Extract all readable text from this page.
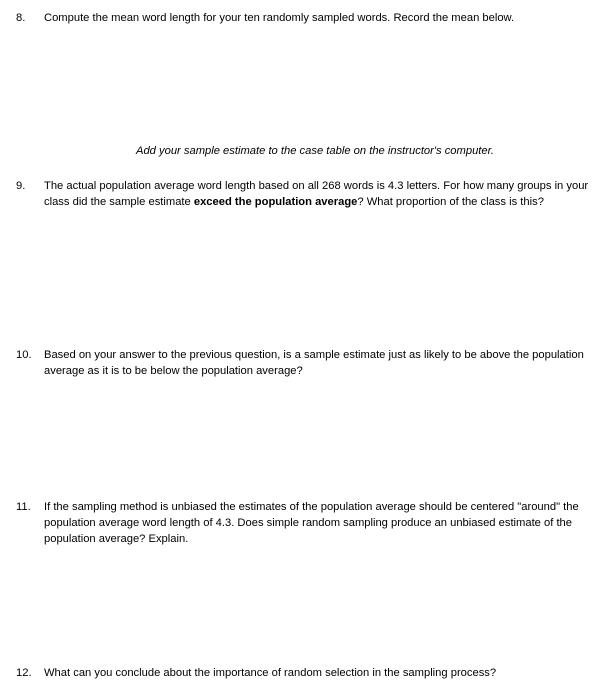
8. Compute the mean word length for your ten randomly sampled words. Record the mean below.
Add your sample estimate to the case table on the instructor's computer.
9. The actual population average word length based on all 268 words is 4.3 letters. For how many groups in your class did the sample estimate exceed the population average? What proportion of the class is this?
10. Based on your answer to the previous question, is a sample estimate just as likely to be above the population average as it is to be below the population average?
11. If the sampling method is unbiased the estimates of the population average should be centered "around" the population average word length of 4.3. Does simple random sampling produce an unbiased estimate of the population average? Explain.
12. What can you conclude about the importance of random selection in the sampling process?
